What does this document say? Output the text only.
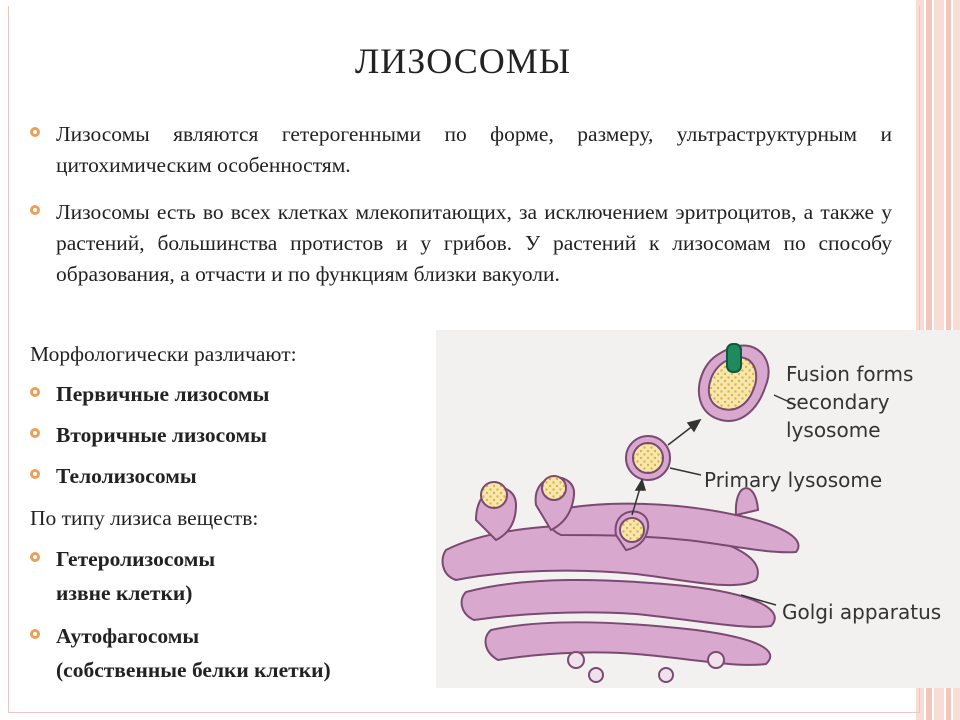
ЛИЗОСОМЫ
Лизосомы являются гетерогенными по форме, размеру, ультраструктурным и цитохимическим особенностям.
Лизосомы есть во всех клетках млекопитающих, за исключением эритроцитов, а также у растений, большинства протистов и у грибов. У растений к лизосомам по способу образования, а отчасти и по функциям близки вакуоли.
Морфологически различают:
Первичные лизосомы
Вторичные лизосомы
Телолизосомы
По типу лизиса веществ:
Гетеролизосомы
извне клетки)
Аутофагосомы
(собственные белки клетки)
Fusion forms
secondary
lysosome
Primary lysosome
Golgi apparatus
